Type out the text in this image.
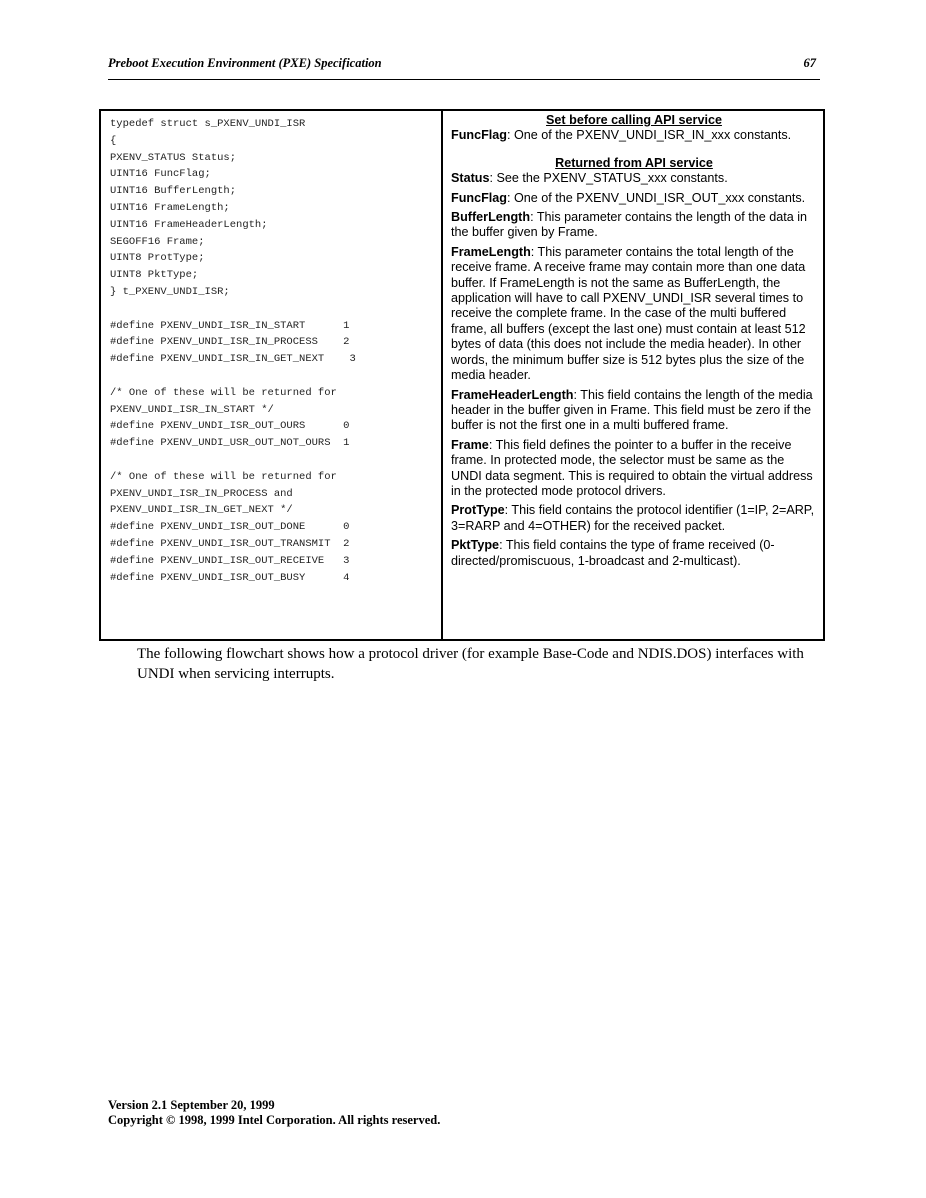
Preboot Execution Environment (PXE) Specification	67
typedef struct s_PXENV_UNDI_ISR
{
PXENV_STATUS Status;
UINT16 FuncFlag;
UINT16 BufferLength;
UINT16 FrameLength;
UINT16 FrameHeaderLength;
SEGOFF16 Frame;
UINT8 ProtType;
UINT8 PktType;
} t_PXENV_UNDI_ISR;
#define PXENV_UNDI_ISR_IN_START      1
#define PXENV_UNDI_ISR_IN_PROCESS    2
#define PXENV_UNDI_ISR_IN_GET_NEXT    3
/* One of these will be returned for
PXENV_UNDI_ISR_IN_START */
#define PXENV_UNDI_ISR_OUT_OURS      0
#define PXENV_UNDI_USR_OUT_NOT_OURS  1
/* One of these will be returned for
PXENV_UNDI_ISR_IN_PROCESS and
PXENV_UNDI_ISR_IN_GET_NEXT */
#define PXENV_UNDI_ISR_OUT_DONE      0
#define PXENV_UNDI_ISR_OUT_TRANSMIT  2
#define PXENV_UNDI_ISR_OUT_RECEIVE   3
#define PXENV_UNDI_ISR_OUT_BUSY      4
Set before calling API service

FuncFlag: One of the PXENV_UNDI_ISR_IN_xxx constants.

Returned from API service

Status: See the PXENV_STATUS_xxx constants.

FuncFlag: One of the PXENV_UNDI_ISR_OUT_xxx constants.

BufferLength: This parameter contains the length of the data in the buffer given by Frame.

FrameLength: This parameter contains the total length of the receive frame. A receive frame may contain more than one data buffer. If FrameLength is not the same as BufferLength, the application will have to call PXENV_UNDI_ISR several times to receive the complete frame. In the case of the multi buffered frame, all buffers (except the last one) must contain at least 512 bytes of data (this does not include the media header). In other words, the minimum buffer size is 512 bytes plus the size of the media header.

FrameHeaderLength: This field contains the length of the media header in the buffer given in Frame. This field must be zero if the buffer is not the first one in a multi buffered frame.

Frame: This field defines the pointer to a buffer in the receive frame. In protected mode, the selector must be same as the UNDI data segment. This is required to obtain the virtual address in the protected mode protocol drivers.

ProtType: This field contains the protocol identifier (1=IP, 2=ARP, 3=RARP and 4=OTHER) for the received packet.

PktType: This field contains the type of frame received (0-directed/promiscuous, 1-broadcast and 2-multicast).

The following flowchart shows how a protocol driver (for example Base-Code and NDIS.DOS) interfaces with UNDI when servicing interrupts.
Version 2.1 September 20, 1999
Copyright © 1998, 1999 Intel Corporation. All rights reserved.
